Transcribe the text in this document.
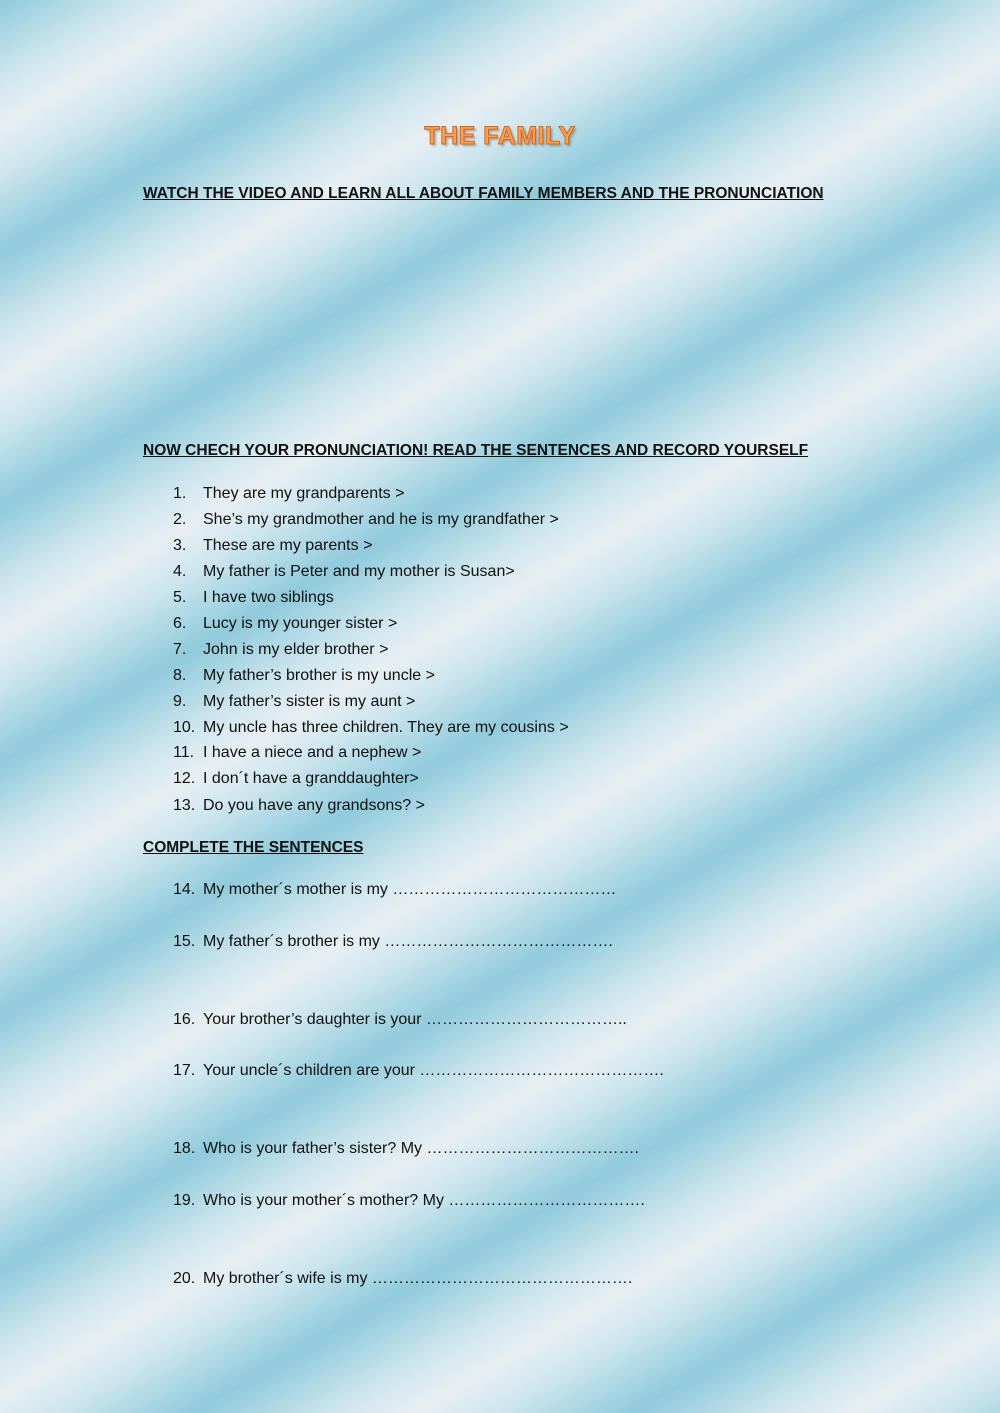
THE FAMILY
WATCH THE VIDEO AND LEARN ALL ABOUT FAMILY MEMBERS AND THE PRONUNCIATION
NOW CHECH YOUR PRONUNCIATION! READ THE SENTENCES AND RECORD YOURSELF
1. They are my grandparents >
2. She’s my grandmother and he is my grandfather >
3. These are my parents >
4. My father is Peter and my mother is Susan>
5. I have two siblings
6. Lucy is my younger sister >
7. John is my elder brother >
8. My father’s brother is my uncle >
9. My father’s sister is my aunt >
10. My uncle has three children. They are my cousins >
11. I have a niece and a nephew >
12. I don´t have a granddaughter>
13. Do you have any grandsons? >
COMPLETE THE SENTENCES
14. My mother´s mother is my ……………………………………
15. My father´s brother is my …………………………………….
16. Your brother’s daughter is your ………………………………..
17. Your uncle´s children are your ……………………………………….
18. Who is your father’s sister? My ………………………………….
19. Who is your mother´s mother? My ……………………………….
20. My brother´s wife is my ………………………………………….
